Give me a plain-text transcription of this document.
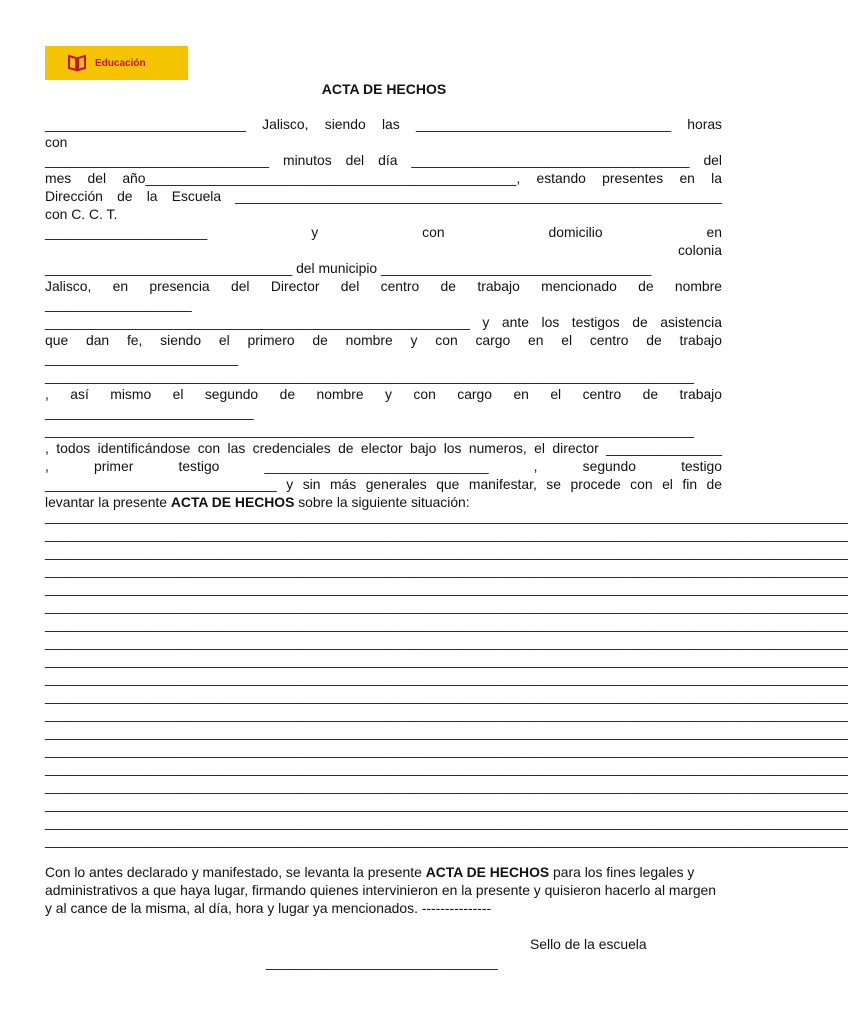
Educación
ACTA DE HECHOS
__________________________ Jalisco, siendo las _________________________________ horas
con
_____________________________ minutos del día ____________________________________ del
mes del año________________________________________________, estando presentes en la
Dirección de la Escuela _______________________________________________________________
con C. C. T.
_____________________ y con domicilio en
colonia
________________________________ del municipio ___________________________________
Jalisco, en presencia del Director del centro de trabajo mencionado de nombre
___________________
_______________________________________________________ y ante los testigos de asistencia
que dan fe, siendo el primero de nombre y con cargo en el centro de trabajo
_________________________
____________________________________________________________________________________
, así mismo el segundo de nombre y con cargo en el centro de trabajo
___________________________
____________________________________________________________________________________
, todos identificándose con las credenciales de elector bajo los numeros, el director _______________
, primer testigo _____________________________ , segundo testigo
______________________________ y sin más generales que manifestar, se procede con el fin de
levantar la presente ACTA DE HECHOS sobre la siguiente situación:
________________________________________________________________________________________________________
________________________________________________________________________________________________________
________________________________________________________________________________________________________
________________________________________________________________________________________________________
________________________________________________________________________________________________________
________________________________________________________________________________________________________
________________________________________________________________________________________________________
________________________________________________________________________________________________________
________________________________________________________________________________________________________
________________________________________________________________________________________________________
________________________________________________________________________________________________________
________________________________________________________________________________________________________
________________________________________________________________________________________________________
________________________________________________________________________________________________________
________________________________________________________________________________________________________
________________________________________________________________________________________________________
________________________________________________________________________________________________________
________________________________________________________________________________________________________
________________________________________________________________________________________________________
Con lo antes declarado y manifestado, se levanta la presente ACTA DE HECHOS para los fines legales y administrativos a que haya lugar, firmando quienes intervinieron en la presente y quisieron hacerlo al margen y al cance de la misma, al día, hora y lugar ya mencionados. ---------------
Sello de la escuela
______________________________
